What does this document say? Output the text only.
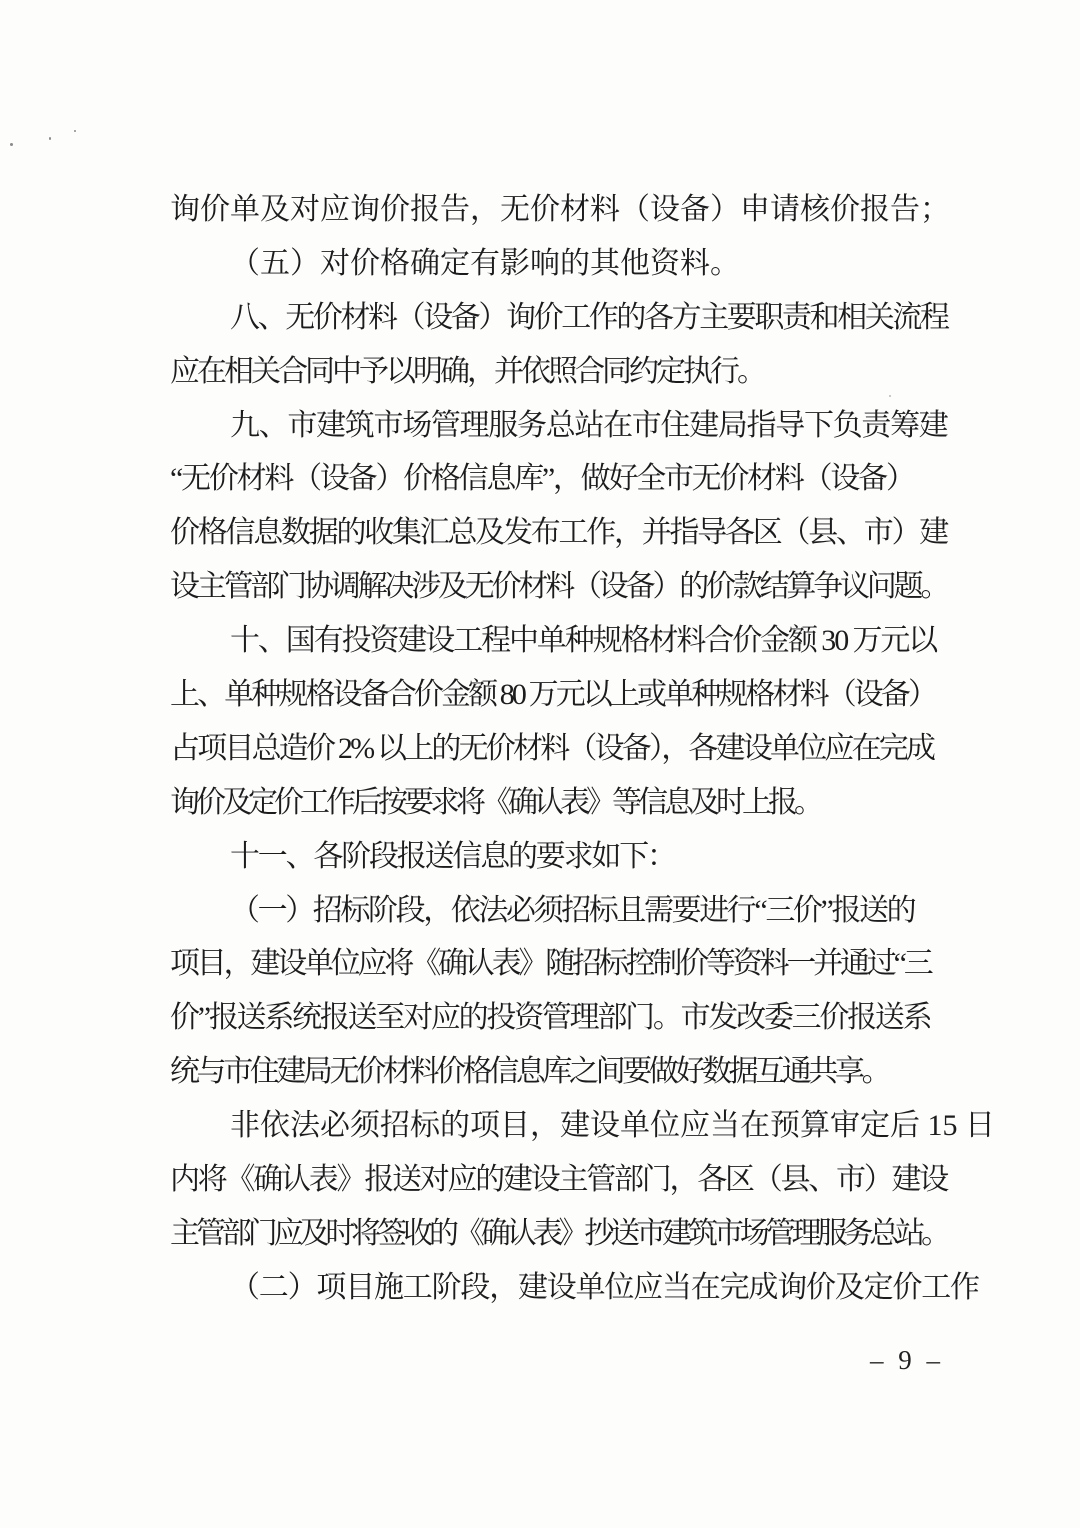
询价单及对应询价报告，无价材料（设备）申请核价报告；
（五）对价格确定有影响的其他资料。
八、无价材料（设备）询价工作的各方主要职责和相关流程
应在相关合同中予以明确，并依照合同约定执行。
九、市建筑市场管理服务总站在市住建局指导下负责筹建
“无价材料（设备）价格信息库”，做好全市无价材料（设备）
价格信息数据的收集汇总及发布工作，并指导各区（县、市）建
设主管部门协调解决涉及无价材料（设备）的价款结算争议问题。
十、国有投资建设工程中单种规格材料合价金额 30 万元以
上、单种规格设备合价金额 80 万元以上或单种规格材料（设备）
占项目总造价 2% 以上的无价材料（设备），各建设单位应在完成
询价及定价工作后按要求将《确认表》等信息及时上报。
十一、各阶段报送信息的要求如下：
（一）招标阶段，依法必须招标且需要进行“三价”报送的
项目，建设单位应将《确认表》随招标控制价等资料一并通过“三
价”报送系统报送至对应的投资管理部门。市发改委三价报送系
统与市住建局无价材料价格信息库之间要做好数据互通共享。
非依法必须招标的项目，建设单位应当在预算审定后 15 日
内将《确认表》报送对应的建设主管部门，各区（县、市）建设
主管部门应及时将签收的《确认表》抄送市建筑市场管理服务总站。
（二）项目施工阶段，建设单位应当在完成询价及定价工作
– 9 –
